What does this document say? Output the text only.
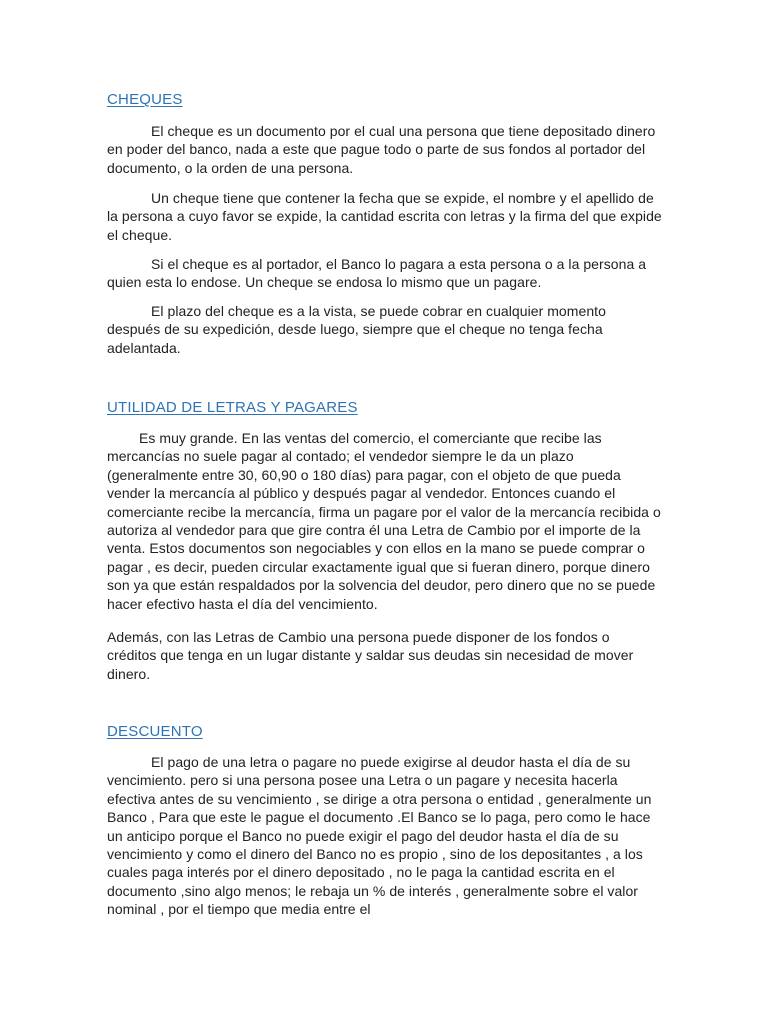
CHEQUES

El cheque es un documento por el cual una persona que tiene depositado dinero en poder del banco, nada a este que pague todo o parte de sus fondos al portador del documento, o la orden de una persona.

Un cheque tiene que contener la fecha que se expide, el nombre y el apellido de la persona a cuyo favor se expide, la cantidad escrita con letras y la firma del que expide el cheque.

Si el cheque es al portador, el Banco lo pagara a esta persona o a la persona a quien esta lo endose. Un cheque se endosa lo mismo que un pagare.

El plazo del cheque es a la vista, se puede cobrar en cualquier momento después de su expedición, desde luego, siempre que el cheque no tenga fecha adelantada.

UTILIDAD DE LETRAS Y PAGARES

Es muy grande. En las ventas del comercio, el comerciante que recibe las mercancías no suele pagar al contado; el vendedor siempre le da un plazo (generalmente entre 30, 60,90 o 180 días) para pagar, con el objeto de que pueda vender la mercancía al público y después pagar al vendedor. Entonces cuando el comerciante recibe la mercancía, firma un pagare por el valor de la mercancía recibida o autoriza al vendedor para que gire contra él una Letra de Cambio por el importe de la venta. Estos documentos son negociables y con ellos en la mano se puede comprar o pagar , es decir, pueden circular exactamente igual que si fueran dinero, porque dinero son ya que están respaldados por la solvencia del deudor, pero dinero que no se puede hacer efectivo hasta el día del vencimiento.

Además, con las Letras de Cambio una persona puede disponer de los fondos o créditos que tenga en un lugar distante y saldar sus deudas sin necesidad de mover dinero.

DESCUENTO

El pago de una letra o pagare no puede exigirse al deudor hasta el día de su vencimiento. pero si una persona posee una Letra o un pagare y necesita hacerla efectiva antes de su vencimiento , se dirige a otra persona o entidad , generalmente un Banco , Para que este le pague el documento .El Banco se lo paga, pero como le hace un anticipo porque el Banco no puede exigir el pago del deudor hasta el día de su vencimiento y como el dinero del Banco no es propio , sino de los depositantes , a los cuales paga interés por el dinero depositado , no le paga la cantidad escrita en el documento ,sino algo menos; le rebaja un % de interés , generalmente sobre el valor nominal , por el tiempo que media entre el
